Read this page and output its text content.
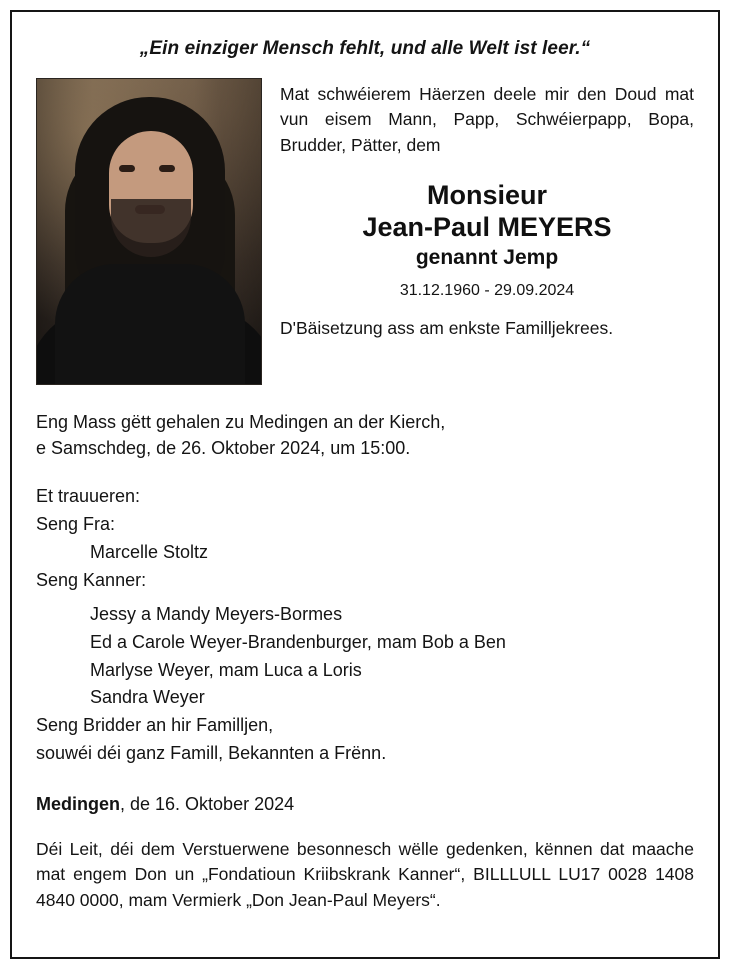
„Ein einziger Mensch fehlt, und alle Welt ist leer.“
Mat schwéierem Häerzen deele mir den Doud mat vun eisem Mann, Papp, Schwéierpapp, Bopa, Brudder, Pätter, dem
Monsieur
Jean-Paul MEYERS
genannt Jemp
31.12.1960 - 29.09.2024
D'Bäisetzung ass am enkste Familljekrees.
Eng Mass gëtt gehalen zu Medingen an der Kierch,
e Samschdeg, de 26. Oktober 2024, um 15:00.
Et trauueren:
Seng Fra:
Marcelle Stoltz
Seng Kanner:
Jessy a Mandy Meyers-Bormes
Ed a Carole Weyer-Brandenburger, mam Bob a Ben
Marlyse Weyer, mam Luca a Loris
Sandra Weyer
Seng Bridder an hir Familljen,
souwéi déi ganz Famill, Bekannten a Frënn.
Medingen, de 16. Oktober 2024
Déi Leit, déi dem Verstuerwene besonnesch wëlle gedenken, kënnen dat maache mat engem Don un „Fondatioun Kriibskrank Kanner“, BILLLULL LU17 0028 1408 4840 0000, mam Vermierk „Don Jean-Paul Meyers“.
